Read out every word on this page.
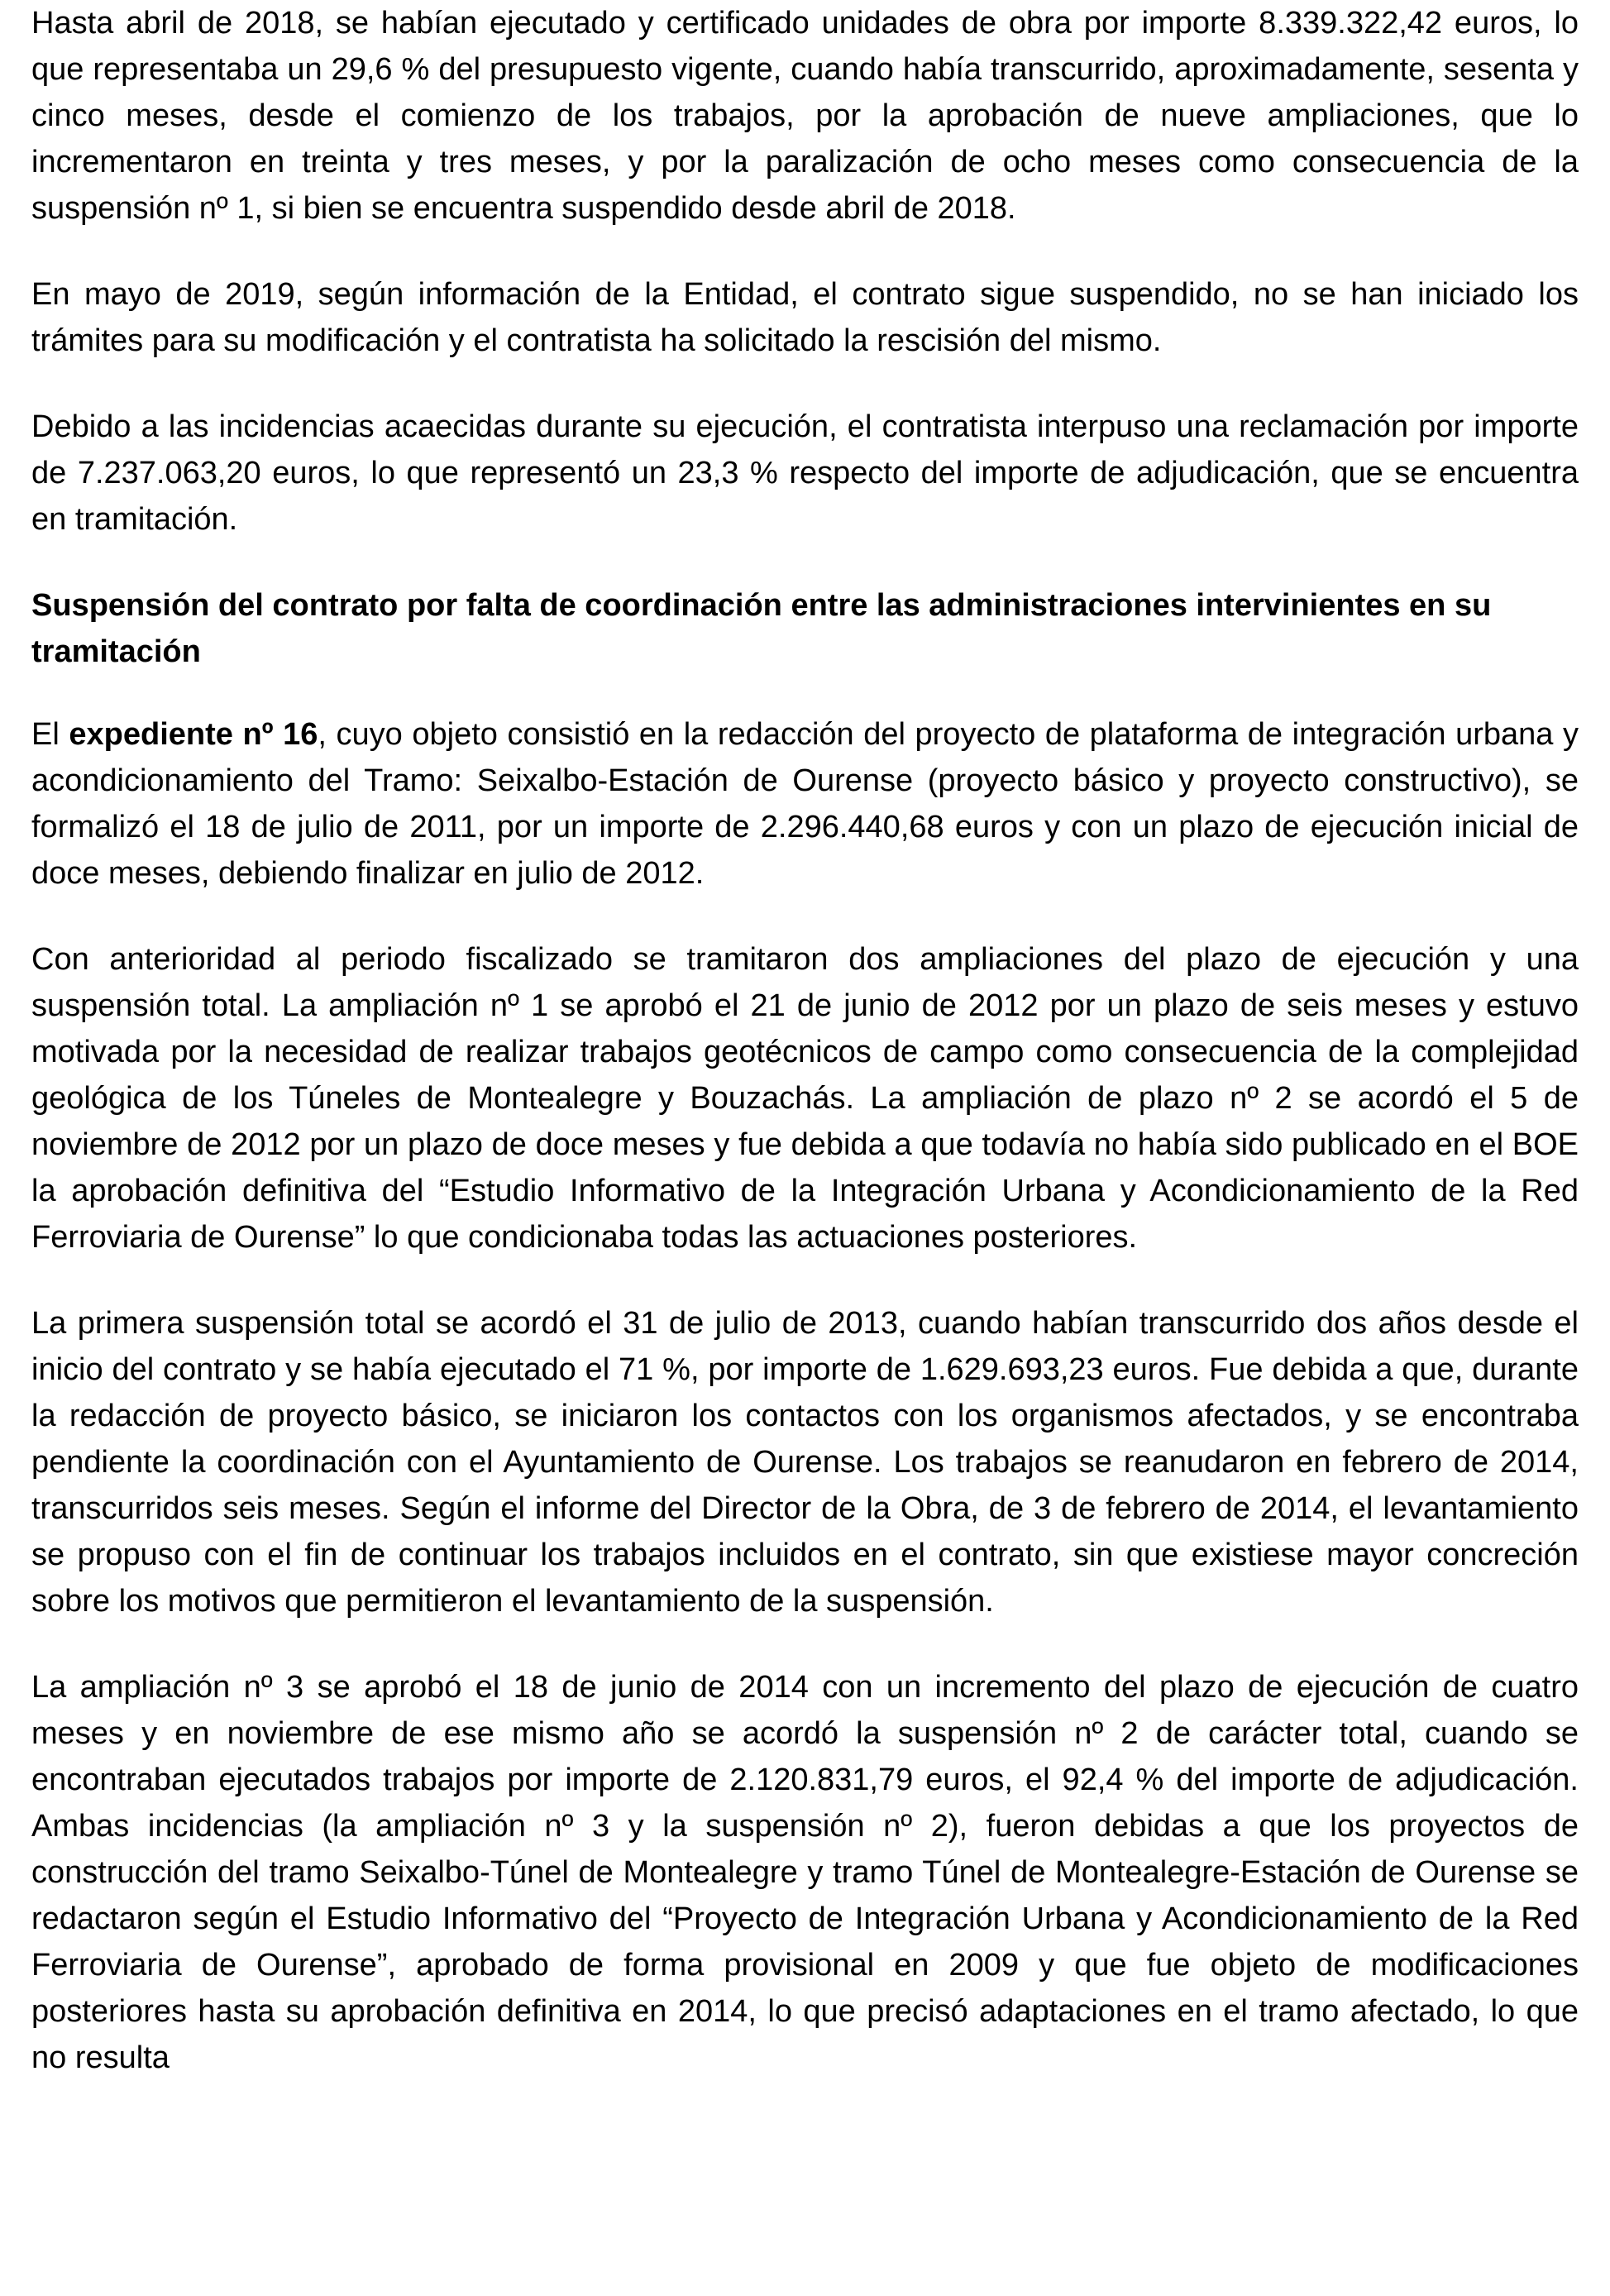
Hasta abril de 2018, se habían ejecutado y certificado unidades de obra por importe 8.339.322,42 euros, lo que representaba un 29,6 % del presupuesto vigente, cuando había transcurrido, aproximadamente, sesenta y cinco meses, desde el comienzo de los trabajos, por la aprobación de nueve ampliaciones, que lo incrementaron en treinta y tres meses, y por la paralización de ocho meses como consecuencia de la suspensión nº 1, si bien se encuentra suspendido desde abril de 2018.

En mayo de 2019, según información de la Entidad, el contrato sigue suspendido, no se han iniciado los trámites para su modificación y el contratista ha solicitado la rescisión del mismo.

Debido a las incidencias acaecidas durante su ejecución, el contratista interpuso una reclamación por importe de 7.237.063,20 euros, lo que representó un 23,3 % respecto del importe de adjudicación, que se encuentra en tramitación.

Suspensión del contrato por falta de coordinación entre las administraciones intervinientes en su tramitación

El expediente nº 16, cuyo objeto consistió en la redacción del proyecto de plataforma de integración urbana y acondicionamiento del Tramo: Seixalbo-Estación de Ourense (proyecto básico y proyecto constructivo), se formalizó el 18 de julio de 2011, por un importe de 2.296.440,68 euros y con un plazo de ejecución inicial de doce meses, debiendo finalizar en julio de 2012.

Con anterioridad al periodo fiscalizado se tramitaron dos ampliaciones del plazo de ejecución y una suspensión total. La ampliación nº 1 se aprobó el 21 de junio de 2012 por un plazo de seis meses y estuvo motivada por la necesidad de realizar trabajos geotécnicos de campo como consecuencia de la complejidad geológica de los Túneles de Montealegre y Bouzachás. La ampliación de plazo nº 2 se acordó el 5 de noviembre de 2012 por un plazo de doce meses y fue debida a que todavía no había sido publicado en el BOE la aprobación definitiva del “Estudio Informativo de la Integración Urbana y Acondicionamiento de la Red Ferroviaria de Ourense” lo que condicionaba todas las actuaciones posteriores.

La primera suspensión total se acordó el 31 de julio de 2013, cuando habían transcurrido dos años desde el inicio del contrato y se había ejecutado el 71 %, por importe de 1.629.693,23 euros. Fue debida a que, durante la redacción de proyecto básico, se iniciaron los contactos con los organismos afectados, y se encontraba pendiente la coordinación con el Ayuntamiento de Ourense. Los trabajos se reanudaron en febrero de 2014, transcurridos seis meses. Según el informe del Director de la Obra, de 3 de febrero de 2014, el levantamiento se propuso con el fin de continuar los trabajos incluidos en el contrato, sin que existiese mayor concreción sobre los motivos que permitieron el levantamiento de la suspensión.

La ampliación nº 3 se aprobó el 18 de junio de 2014 con un incremento del plazo de ejecución de cuatro meses y en noviembre de ese mismo año se acordó la suspensión nº 2 de carácter total, cuando se encontraban ejecutados trabajos por importe de 2.120.831,79 euros, el 92,4 % del importe de adjudicación. Ambas incidencias (la ampliación nº 3 y la suspensión nº 2), fueron debidas a que los proyectos de construcción del tramo Seixalbo-Túnel de Montealegre y tramo Túnel de Montealegre-Estación de Ourense se redactaron según el Estudio Informativo del “Proyecto de Integración Urbana y Acondicionamiento de la Red Ferroviaria de Ourense”, aprobado de forma provisional en 2009 y que fue objeto de modificaciones posteriores hasta su aprobación definitiva en 2014, lo que precisó adaptaciones en el tramo afectado, lo que no resulta
